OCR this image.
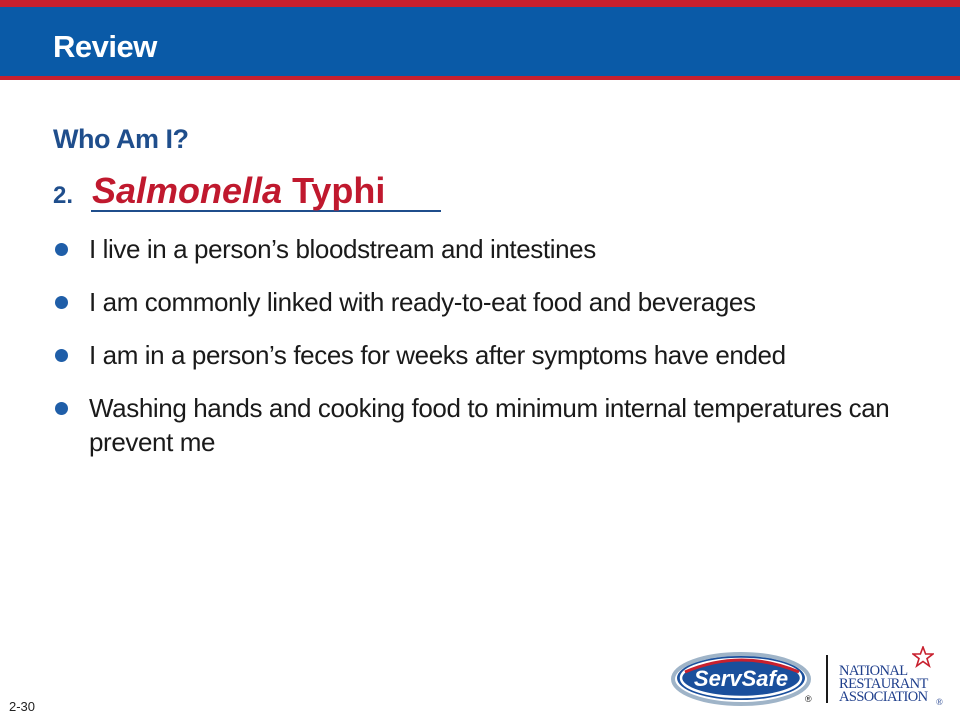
Review
Who Am I?
2. Salmonella Typhi
I live in a person’s bloodstream and intestines
I am commonly linked with ready-to-eat food and beverages
I am in a person’s feces for weeks after symptoms have ended
Washing hands and cooking food to minimum internal temperatures can prevent me
2-30
ServSafe
®
NATIONAL
RESTAURANT
ASSOCIATION ®
